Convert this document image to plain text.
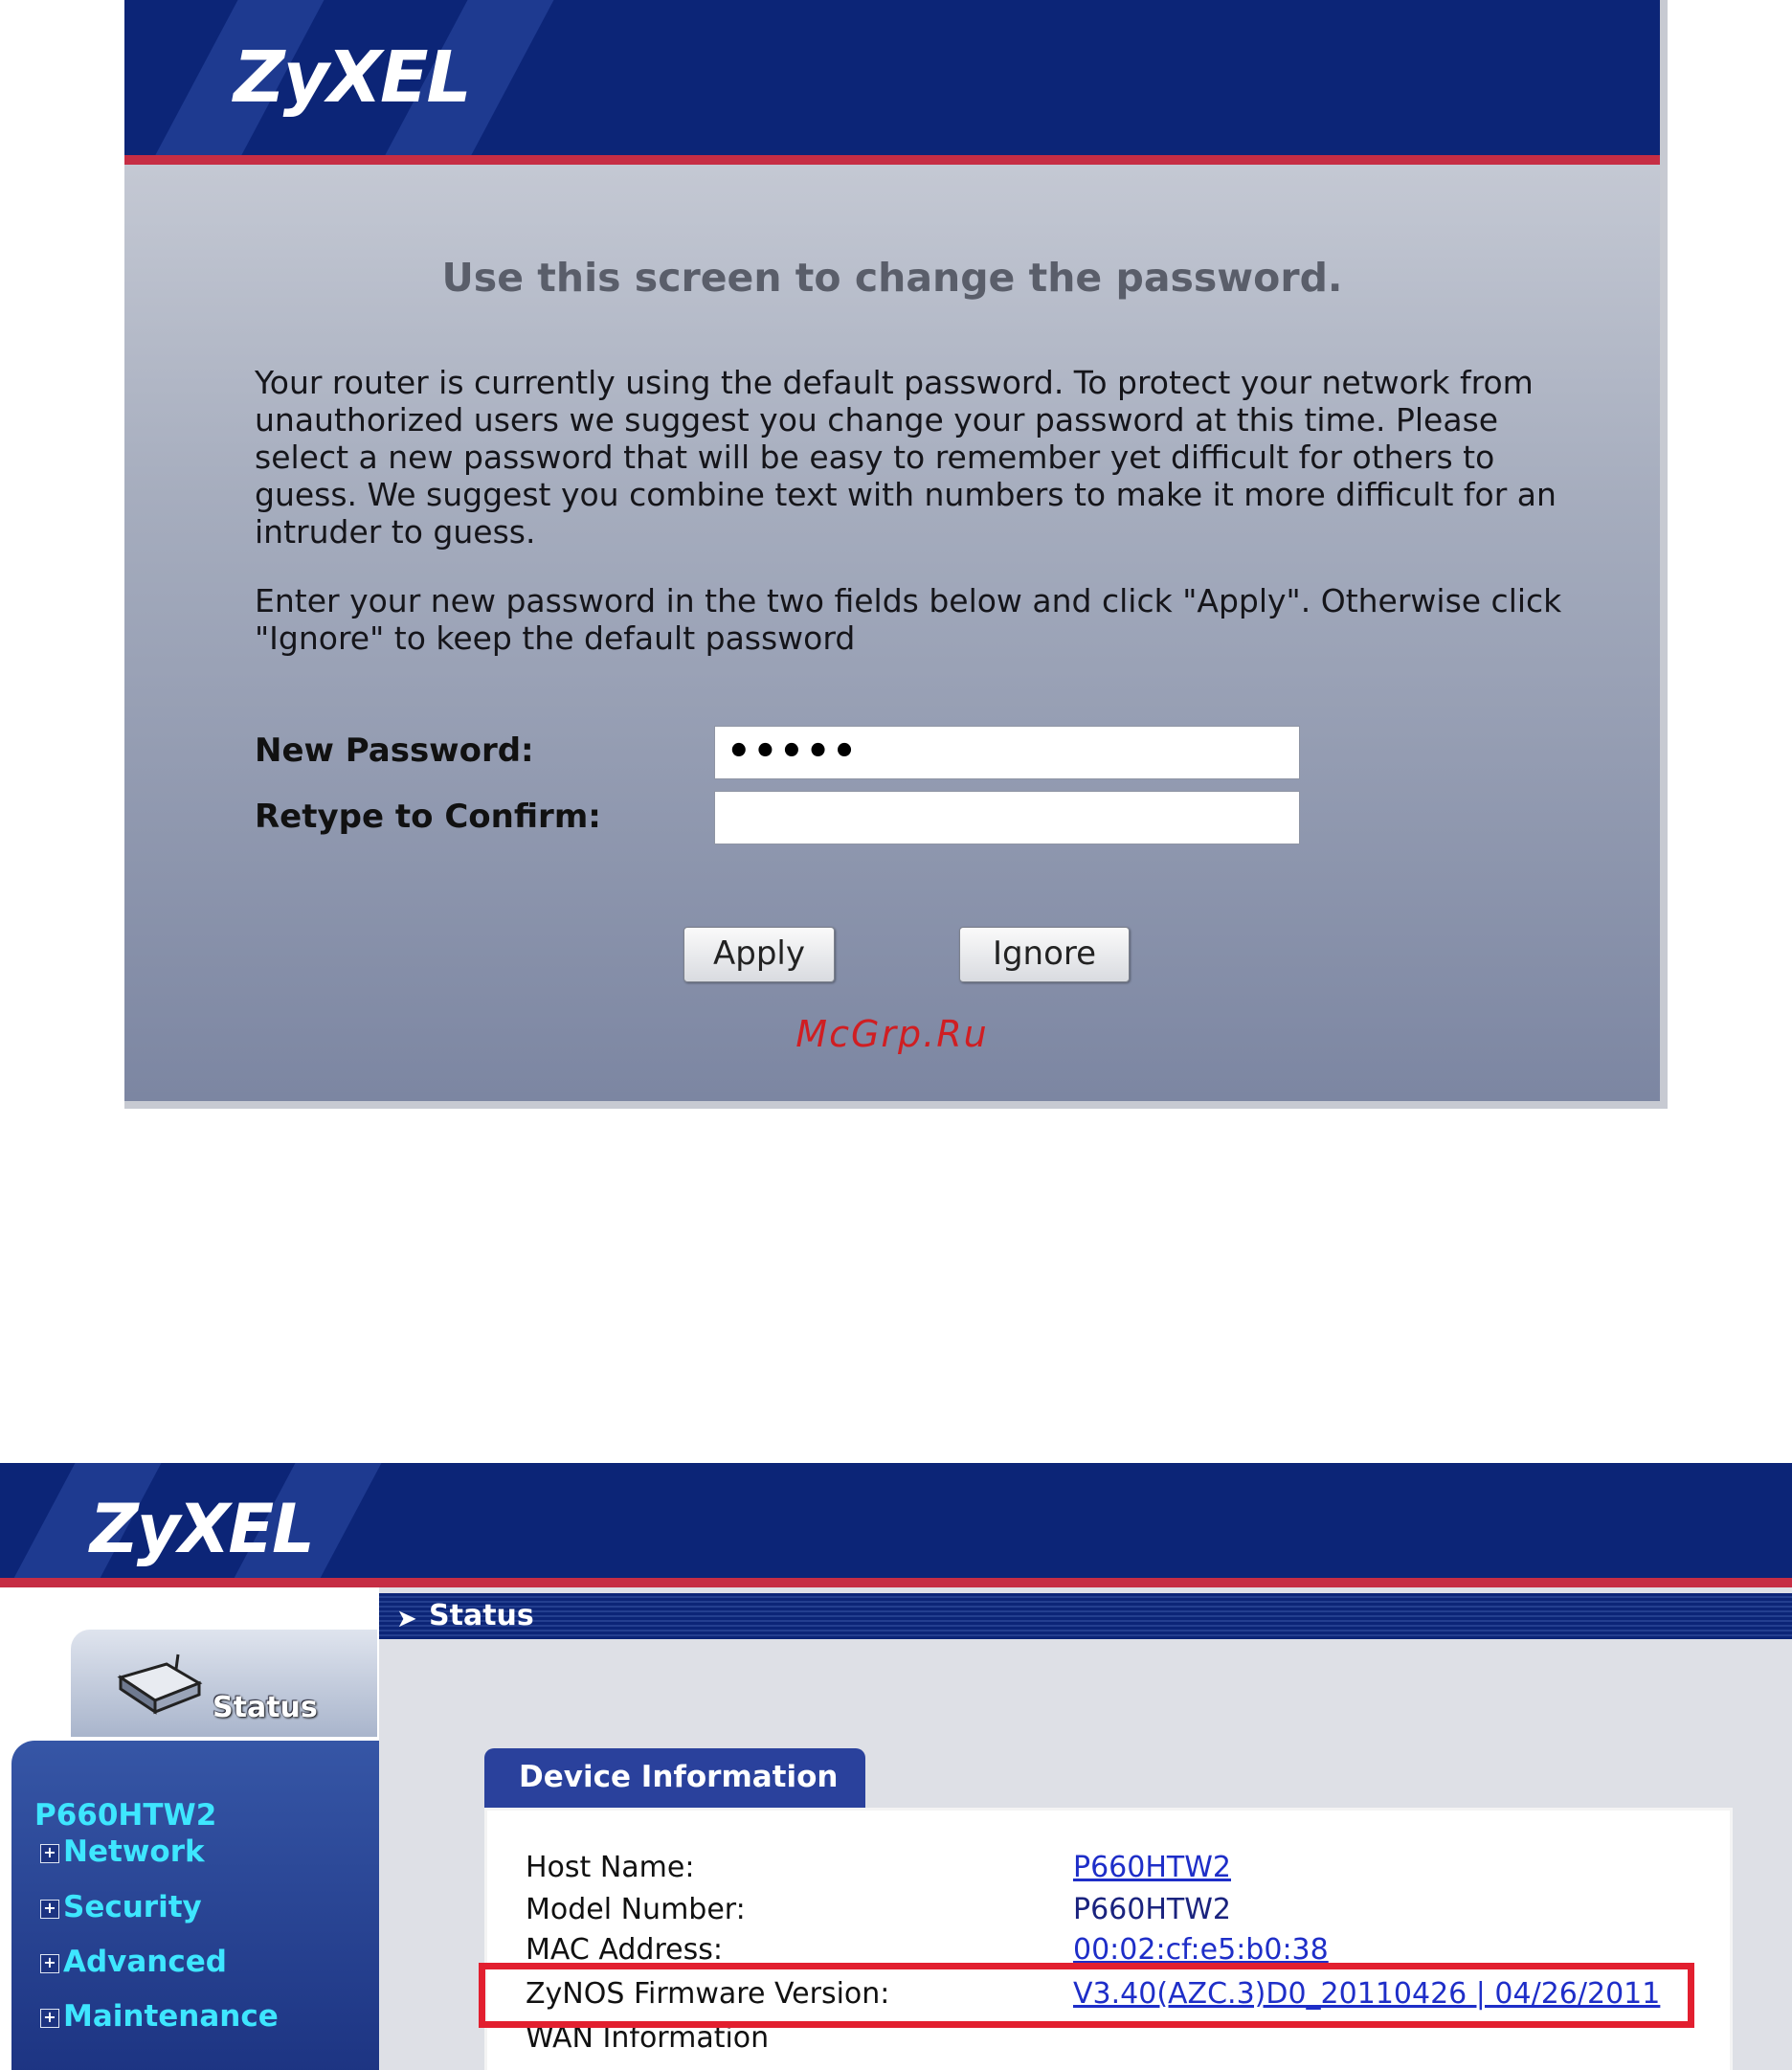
ZyXEL
Use this screen to change the password.

Your router is currently using the default password. To protect your network from unauthorized users we suggest you change your password at this time. Please select a new password that will be easy to remember yet difficult for others to guess. We suggest you combine text with numbers to make it more difficult for an intruder to guess.

Enter your new password in the two fields below and click "Apply". Otherwise click "Ignore" to keep the default password

New Password:	•••••
Retype to Confirm:
Apply	Ignore
McGrp.Ru
ZyXEL
Status
P660HTW2
+ Network
+ Security
+ Advanced
+ Maintenance
➤ Status
Device Information
Host Name:	P660HTW2
Model Number:	P660HTW2
MAC Address:	00:02:cf:e5:b0:38
ZyNOS Firmware Version:	V3.40(AZC.3)D0_20110426 | 04/26/2011
WAN Information
